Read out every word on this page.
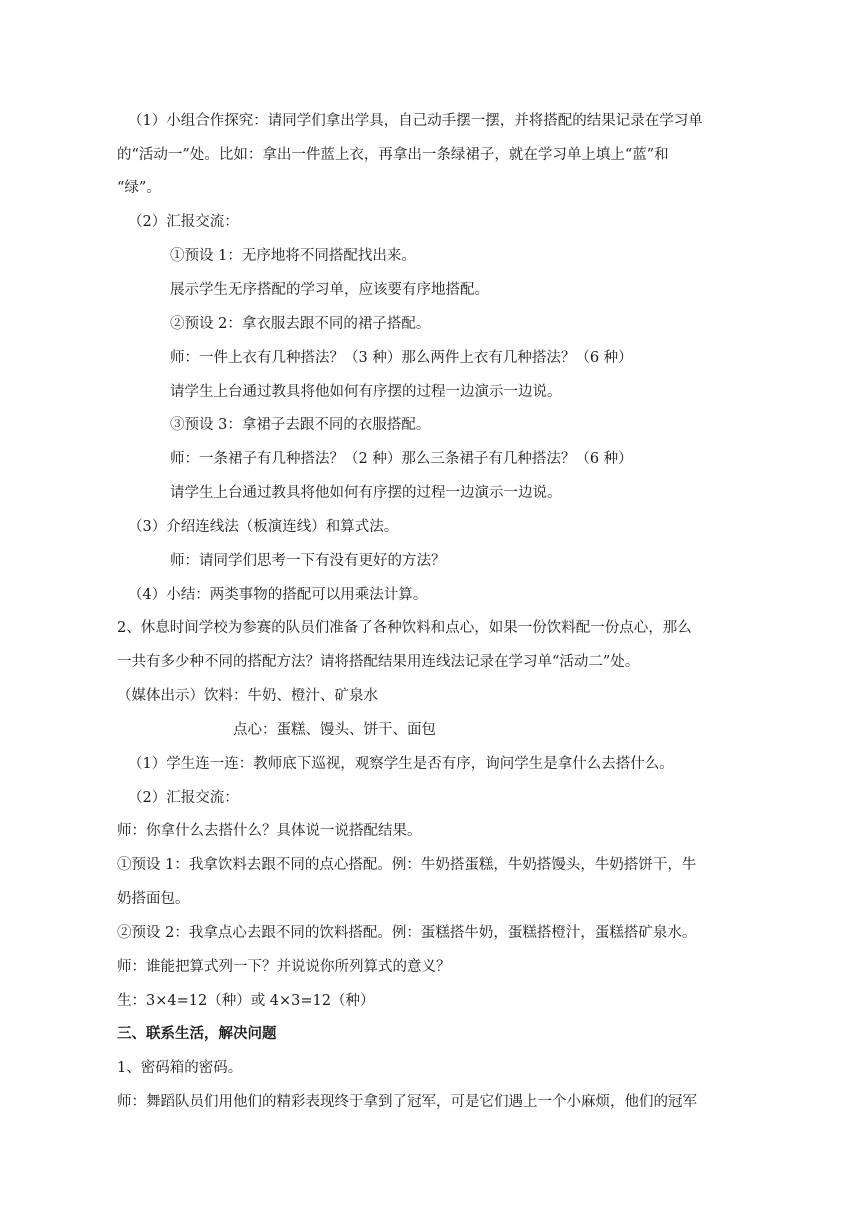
（1）小组合作探究：请同学们拿出学具，自己动手摆一摆，并将搭配的结果记录在学习单
的“活动一”处。比如：拿出一件蓝上衣，再拿出一条绿裙子，就在学习单上填上“蓝”和
“绿”。
（2）汇报交流：
①预设 1：无序地将不同搭配找出来。
展示学生无序搭配的学习单，应该要有序地搭配。
②预设 2：拿衣服去跟不同的裙子搭配。
师：一件上衣有几种搭法？（3 种）那么两件上衣有几种搭法？（6 种）
请学生上台通过教具将他如何有序摆的过程一边演示一边说。
③预设 3：拿裙子去跟不同的衣服搭配。
师：一条裙子有几种搭法？（2 种）那么三条裙子有几种搭法？（6 种）
请学生上台通过教具将他如何有序摆的过程一边演示一边说。
（3）介绍连线法（板演连线）和算式法。
师：请同学们思考一下有没有更好的方法？
（4）小结：两类事物的搭配可以用乘法计算。
2、休息时间学校为参赛的队员们准备了各种饮料和点心，如果一份饮料配一份点心，那么
一共有多少种不同的搭配方法？请将搭配结果用连线法记录在学习单“活动二”处。
（媒体出示）饮料：牛奶、橙汁、矿泉水
点心：蛋糕、馒头、饼干、面包
（1）学生连一连：教师底下巡视，观察学生是否有序，询问学生是拿什么去搭什么。
（2）汇报交流：
师：你拿什么去搭什么？具体说一说搭配结果。
①预设 1：我拿饮料去跟不同的点心搭配。例：牛奶搭蛋糕，牛奶搭馒头，牛奶搭饼干，牛
奶搭面包。
②预设 2：我拿点心去跟不同的饮料搭配。例：蛋糕搭牛奶，蛋糕搭橙汁，蛋糕搭矿泉水。
师：谁能把算式列一下？并说说你所列算式的意义？
生：3×4=12（种）或 4×3=12（种）
三、联系生活，解决问题
1、密码箱的密码。
师：舞蹈队员们用他们的精彩表现终于拿到了冠军，可是它们遇上一个小麻烦，他们的冠军
